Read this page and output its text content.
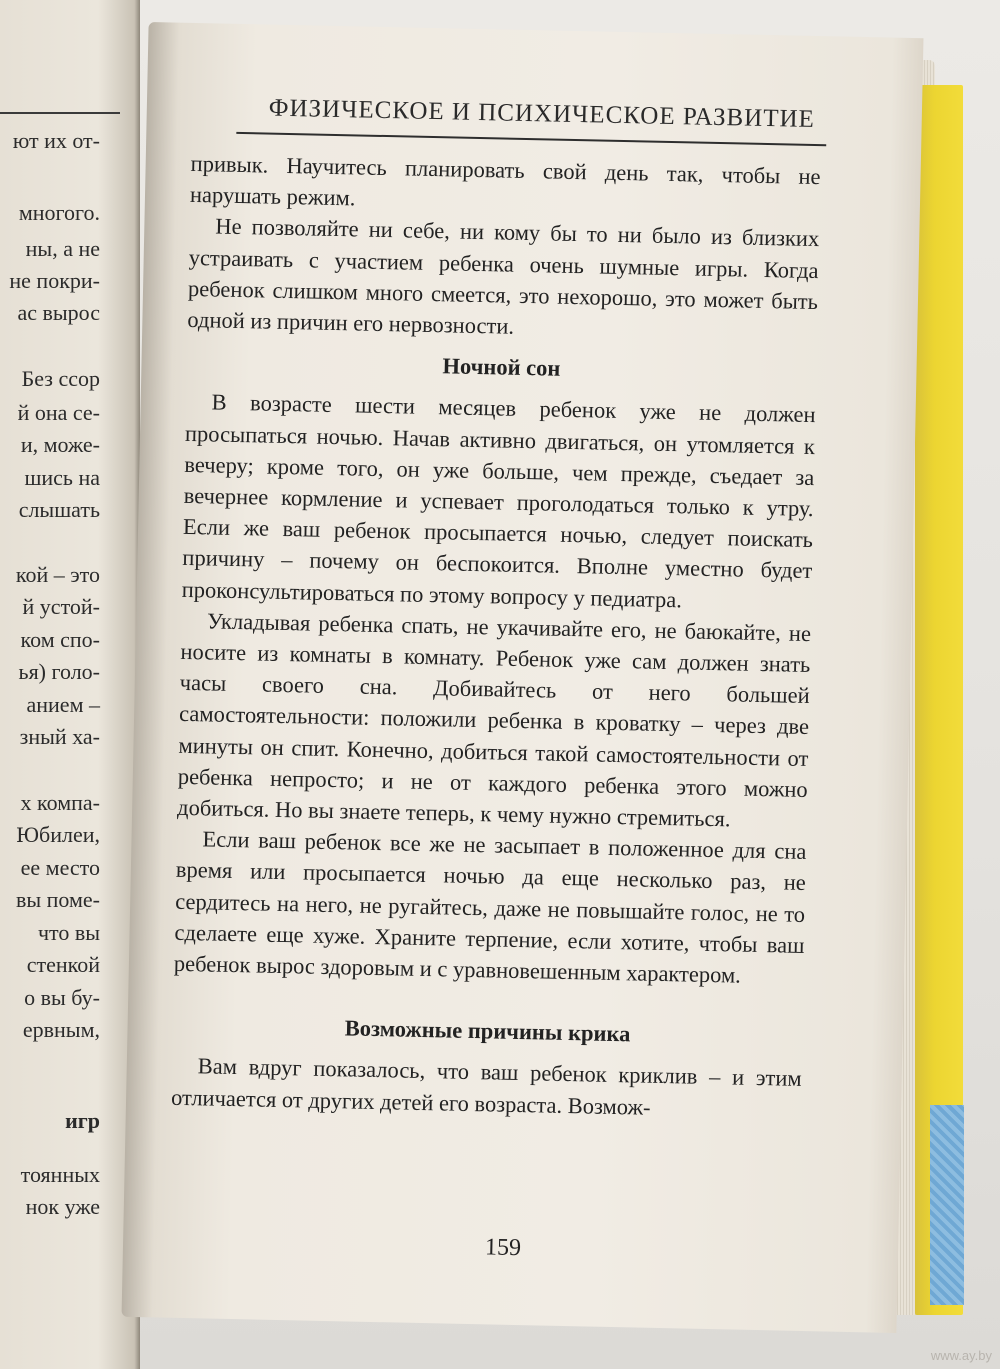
ют их от-
многого.
ны, а не
не покри-
ас вырос
Без ссор
й она се-
и, може-
шись на
слышать
кой – это
й устой-
ком спо-
ья) голо-
анием –
зный ха-
х компа-
Юбилеи,
ее место
вы поме-
что вы
стенкой
о вы бу-
ервным,
игр
тоянных
нок уже
ФИЗИЧЕСКОЕ И ПСИХИЧЕСКОЕ РАЗВИТИЕ

привык. Научитесь планировать свой день так, чтобы не нарушать режим.

Не позволяйте ни себе, ни кому бы то ни было из близких устраивать с участием ребенка очень шумные игры. Когда ребенок слишком много смеется, это нехорошо, это может быть одной из причин его нервозности.

Ночной сон

В возрасте шести месяцев ребенок уже не должен просыпаться ночью. Начав активно двигаться, он утомляется к вечеру; кроме того, он уже больше, чем прежде, съедает за вечернее кормление и успевает проголодаться только к утру. Если же ваш ребенок просыпается ночью, следует поискать причину – почему он беспокоится. Вполне уместно будет проконсультироваться по этому вопросу у педиатра.

Укладывая ребенка спать, не укачивайте его, не баюкайте, не носите из комнаты в комнату. Ребенок уже сам должен знать часы своего сна. Добивайтесь от него большей самостоятельности: положили ребенка в кроватку – через две минуты он спит. Конечно, добиться такой самостоятельности от ребенка непросто; и не от каждого ребенка этого можно добиться. Но вы знаете теперь, к чему нужно стремиться.

Если ваш ребенок все же не засыпает в положенное для сна время или просыпается ночью да еще несколько раз, не сердитесь на него, не ругайтесь, даже не повышайте голос, не то сделаете еще хуже. Храните терпение, если хотите, чтобы ваш ребенок вырос здоровым и с уравновешенным характером.

Возможные причины крика

Вам вдруг показалось, что ваш ребенок криклив – и этим отличается от других детей его возраста. Возмож-

159
www.ay.by
